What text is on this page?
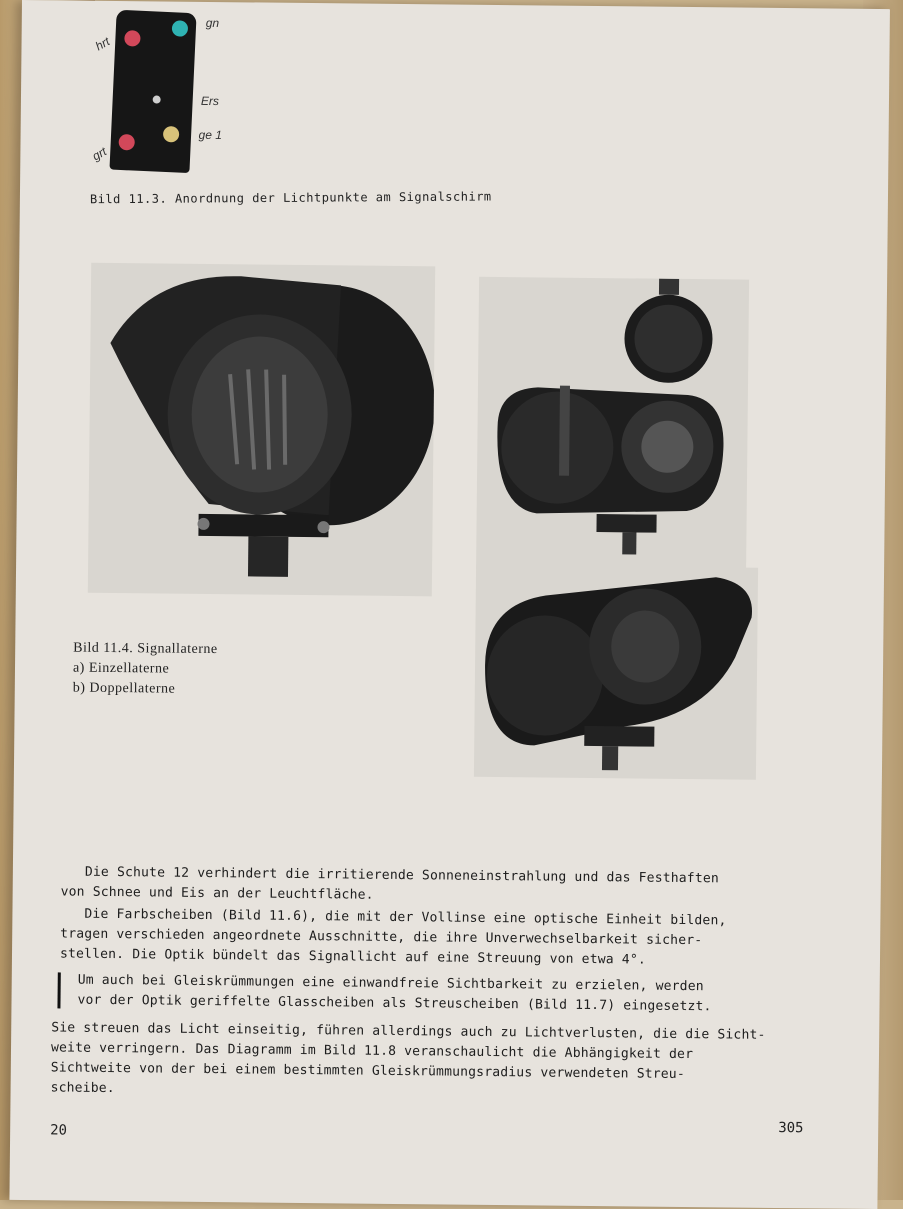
hrt
gn
Ers
ge 1
grt
Bild 11.3. Anordnung der Lichtpunkte am Signalschirm
Bild 11.4. Signallaterne
a) Einzellaterne
b) Doppellaterne
Die Schute 12 verhindert die irritierende Sonneneinstrahlung und das Festhaften
von Schnee und Eis an der Leuchtfläche.
Die Farbscheiben (Bild 11.6), die mit der Vollinse eine optische Einheit bilden,
tragen verschieden angeordnete Ausschnitte, die ihre Unverwechselbarkeit sicher-
stellen. Die Optik bündelt das Signallicht auf eine Streuung von etwa 4°.
Um auch bei Gleiskrümmungen eine einwandfreie Sichtbarkeit zu erzielen, werden
vor der Optik geriffelte Glasscheiben als Streuscheiben (Bild 11.7) eingesetzt.
Sie streuen das Licht einseitig, führen allerdings auch zu Lichtverlusten, die die Sicht-
weite verringern. Das Diagramm im Bild 11.8 veranschaulicht die Abhängigkeit der
Sichtweite von der bei einem bestimmten Gleiskrümmungsradius verwendeten Streu-
scheibe.
20	305
